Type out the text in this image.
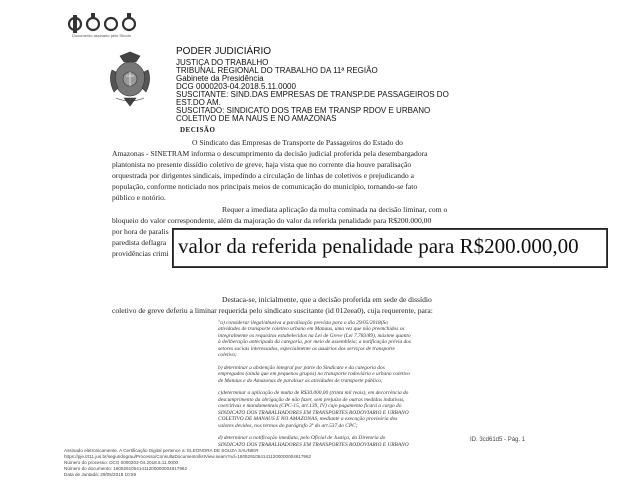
Documento assinado pelo Shodo
PODER JUDICIÁRIO
JUSTIÇA DO TRABALHO
TRIBUNAL REGIONAL DO TRABALHO DA 11ª REGIÃO
Gabinete da Presidência
DCG 0000203-04.2018.5.11.0000
SUSCITANTE: SIND.DAS EMPRESAS DE TRANSP.DE PASSAGEIROS DO
EST.DO AM.
SUSCITADO: SINDICATO DOS TRAB EM TRANSP RDOV E URBANO
COLETIVO DE MA NAUS E NO AMAZONAS
DECISÃO
O Sindicato das Empresas de Transporte de Passageiros do Estado do
Amazonas - SINETRAM informa o descumprimento da decisão judicial proferida pela desembargadora
plantonista no presente dissídio coletivo de greve, haja vista que no corrente dia houve paralisação
orquestrada por dirigentes sindicais, impedindo a circulação de linhas de coletivos e prejudicando a
população, conforme noticiado nos principais meios de comunicação do município, tornando-se fato
público e notório.
Requer a imediata aplicação da multa cominada na decisão liminar, com o
bloqueio do valor correspondente, além da majoração do valor da referida penalidade para R$200.000,00
por hora de paralis
paredista deflagra
providências crimi valor da referida penalidade para R$200.000,00
Destaca-se, inicialmente, que a decisão proferida em sede de dissídio
coletivo de greve deferiu a liminar requerida pelo sindicato suscitante (id 012eea0), cuja requerente, para:
"a) considerar ilegal/abusiva a paralisação prevista para o dia 29/05/2018(So
atividades de transporte coletivo urbano em Manaus, uma vez que não preenchidos os
integralmente os requisitos estabelecidos na Lei de Greve (Lei 7.783/89), máxime quanto
à deliberação antecipada da categoria, por meio de assembleia; a notificação prévia dos
setores sociais interessados, especialmente os usuários dos serviços de transporte
coletivo;

b) determinar a abstenção integral por parte do Sindicato e da categoria dos
empregados (ainda que em pequenos grupos) no transporte rodoviário e urbano coletivo
de Manaus e do Amazonas de paralisar as atividades de transporte público;

c)determinar a aplicação de multa de R$30.000,00 (trinta mil reais), em decorrência do
descumprimento da obrigação de não fazer, sem prejuízo de outras medidas indutivas,
coercitivas e mandamentais (CPC-15, art.139, IV) cujo pagamento ficará a cargo do
SINDICATO DOS TRABALHADORES EM TRANSPORTES RODOVIÁRIO E URBANO
COLETIVO DE MANAUS E NO AMAZONAS, mediante a execução provisória dos
valores devidos, nos termos do parágrafo 3º do art.537 do CPC;

d) determinar a notificação imediata, pelo Oficial de Justiça, da Diretoria do
SINDICATO DOS TRABALHADORES EM TRANSPORTES RODOVIÁRIO E URBANO
Assinado eletronicamente. A Certificação Digital pertence a: ELEONORA DE SOUZA SAUNIER
https://pje.trt11.jus.br/segundograu/Processo/ConsultaDocumento/listView.seam?nd=18052910541411200000004617962
Número do processo: DCG 0000203-04.2018.5.11.0000
Número do documento: 18052910541411200000004617962
Data de Juntada: 29/05/2018 10:59
ID. 3cd61d5 - Pág. 1
